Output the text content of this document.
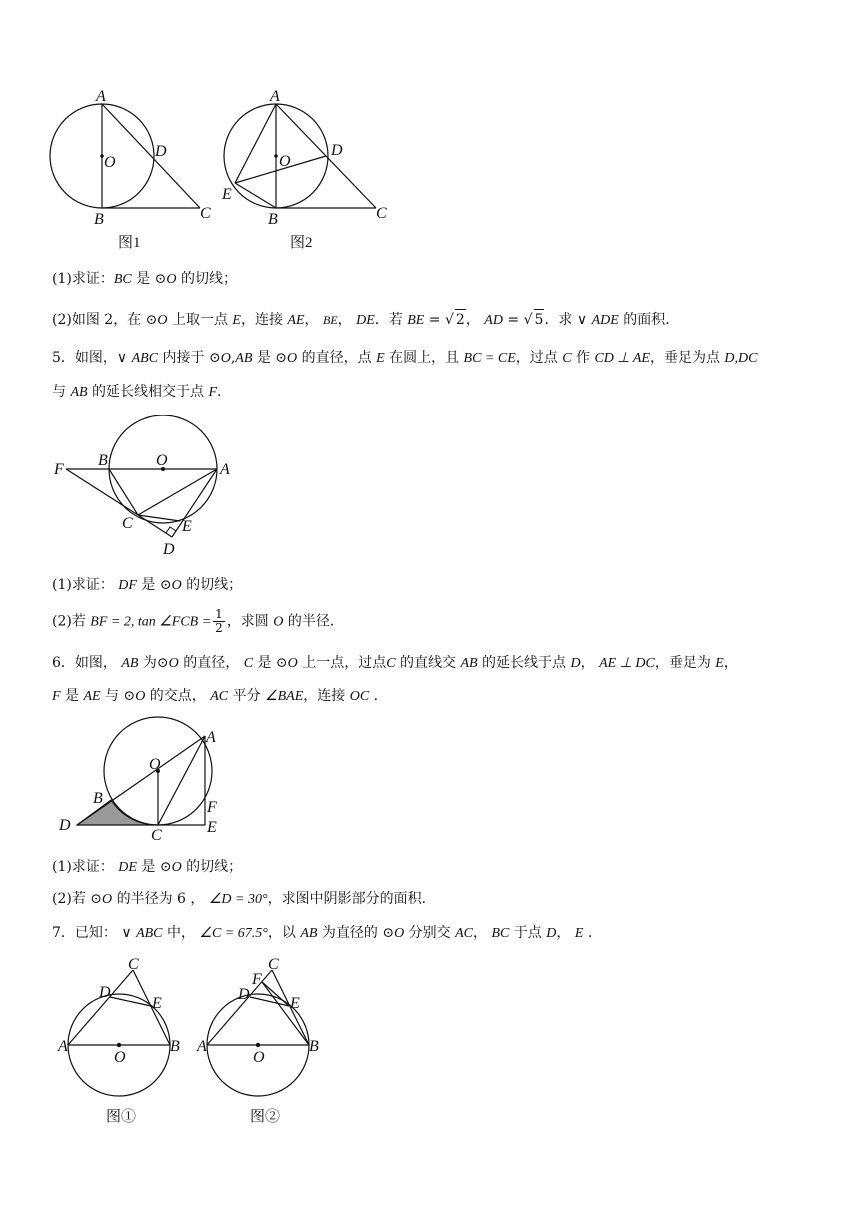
A
O
D
B	C
图1
A
O
D
E
B	C
图2
(1)求证：BC 是 ⊙O 的切线；
(2)如图 2，在 ⊙O 上取一点 E，连接 AE， BE， DE．若 BE = √ 2， AD = √ 5．求 ∨ ADE 的面积．
5．如图，∨ ABC 内接于 ⊙O,AB 是 ⊙O 的直径，点 E 在圆上，且 BC = CE，过点 C 作 CD ⊥ AE，垂足为点 D,DC
与 AB 的延长线相交于点 F．
F
B	O
A
C	E
D
(1)求证： DF 是 ⊙O 的切线；
(2)若 BF = 2, tan ∠FCB = $\frac{1}{2}$ ，求圆 O 的半径．
6．如图， AB 为⊙O 的直径， C 是 ⊙O 上一点，过点C 的直线交 AB 的延长线于点 D， AE ⊥ DC，垂足为 E，
F 是 AE 与 ⊙O 的交点， AC 平分 ∠BAE，连接 OC .
A
O
B
D
C
F
E
(1)求证： DE 是 ⊙O 的切线；
(2)若 ⊙O 的半径为 6 ， ∠D = 30°，求图中阴影部分的面积．
7．已知： ∨ ABC 中， ∠C = 67.5°，以 AB 为直径的 ⊙O 分别交 AC， BC 于点 D， E .
C
D
E
A	B
O
图①
C
F
D
E
A	B
O
图②
